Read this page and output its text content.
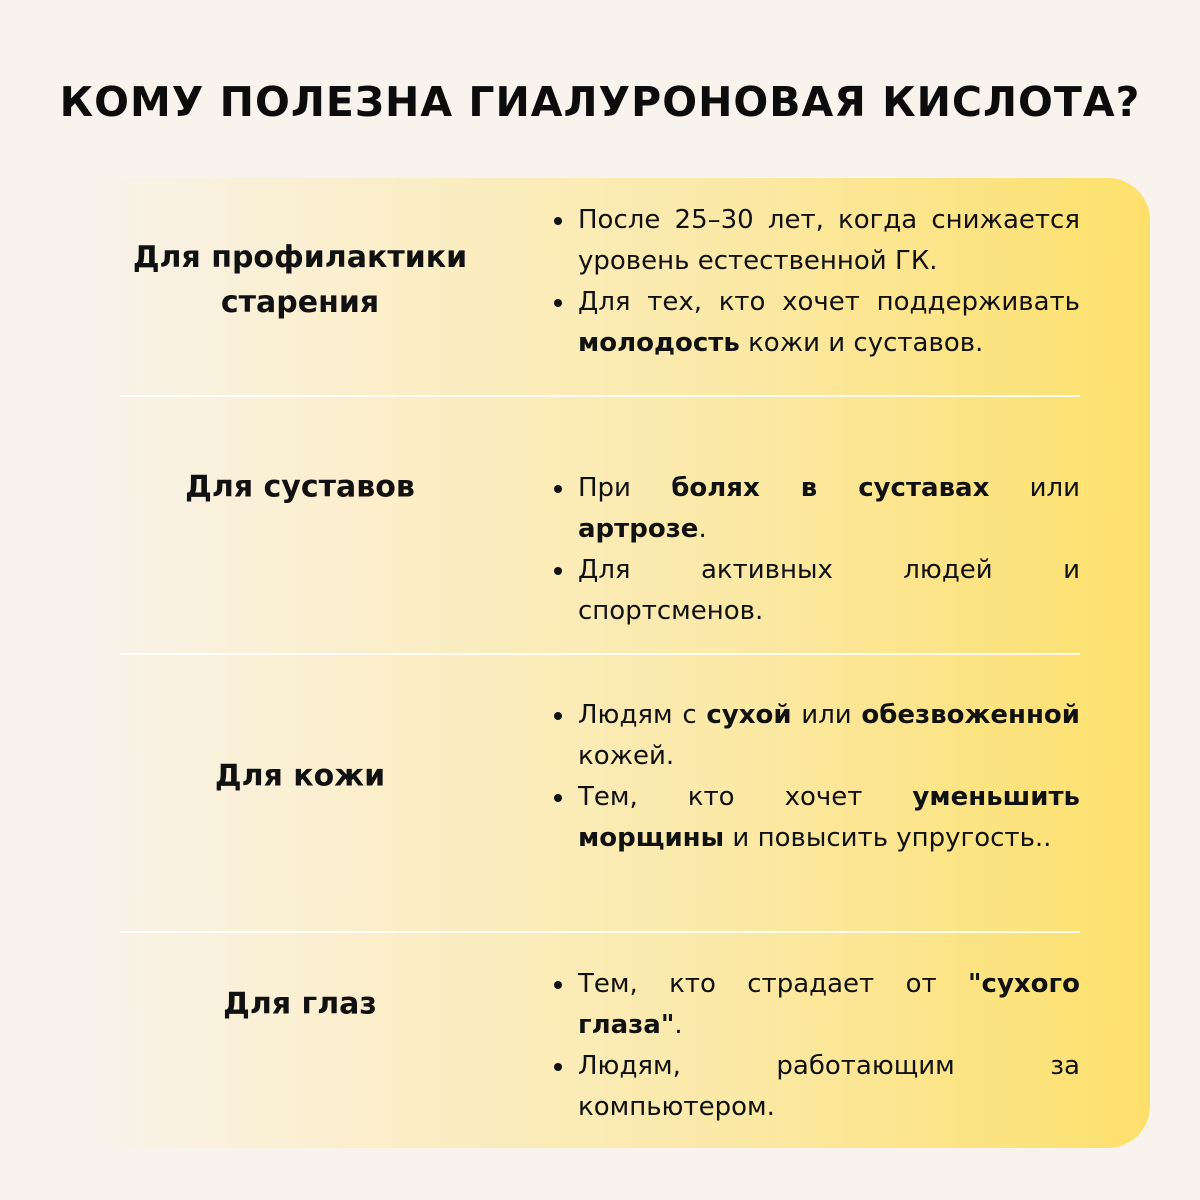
КОМУ ПОЛЕЗНА ГИАЛУРОНОВАЯ КИСЛОТА?
Для профилактики старения
После 25–30 лет, когда снижается уровень естественной ГК.
Для тех, кто хочет поддерживать молодость кожи и суставов.
Для суставов	При болях в суставах или артрозе.
Для активных людей и спортсменов.
Для кожи
Людям с сухой или обезвоженной кожей.
Тем, кто хочет уменьшить морщины и повысить упругость..
Для глаз
Тем, кто страдает от "сухого глаза".
Людям, работающим за компьютером.
